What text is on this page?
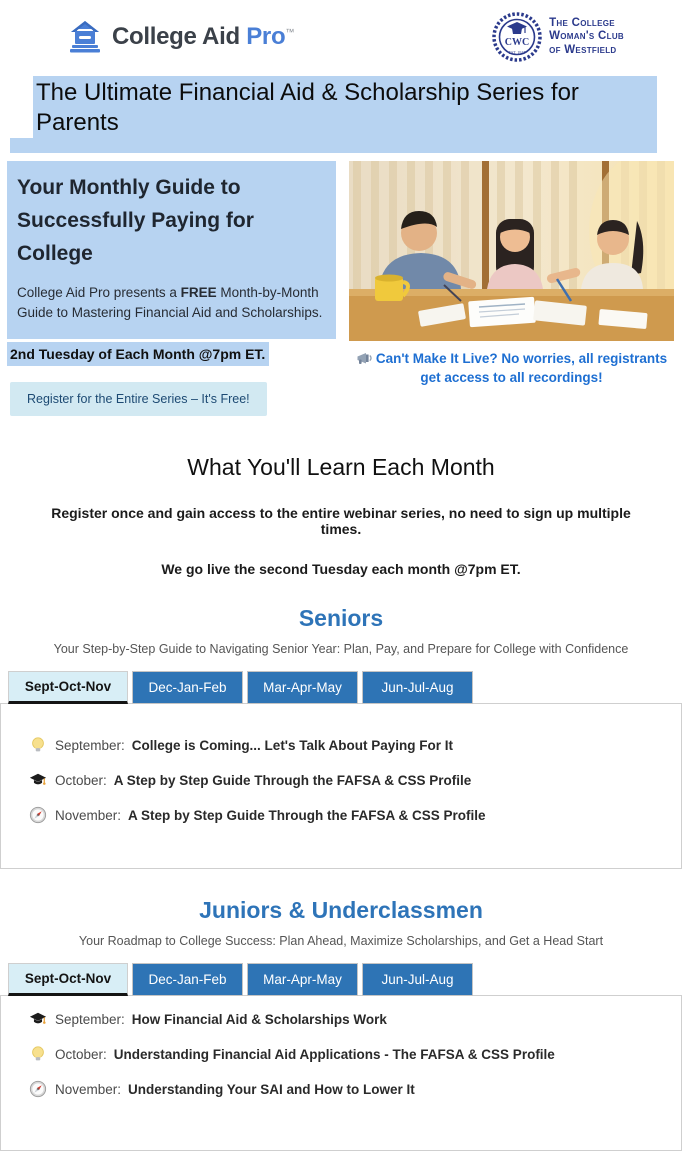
College Aid Pro™
CWC
EST. 1917
The College
Woman's Club
of Westfield
The Ultimate Financial Aid & Scholarship Series for Parents
Your Monthly Guide to
Successfully Paying for College

College Aid Pro presents a FREE Month-by-Month Guide to Mastering Financial Aid and Scholarships.

2nd Tuesday of Each Month @7pm ET.
Register for the Entire Series – It's Free!
Can't Make It Live? No worries, all registrants get access to all recordings!
What You'll Learn Each Month

Register once and gain access to the entire webinar series, no need to sign up multiple times.

We go live the second Tuesday each month @7pm ET.

Seniors

Your Step-by-Step Guide to Navigating Senior Year: Plan, Pay, and Prepare for College with Confidence

Sept-Oct-Nov	Dec-Jan-Feb	Mar-Apr-May	Jun-Jul-Aug
September: College is Coming... Let's Talk About Paying For It
October: A Step by Step Guide Through the FAFSA & CSS Profile
November: A Step by Step Guide Through the FAFSA & CSS Profile
Juniors & Underclassmen

Your Roadmap to College Success: Plan Ahead, Maximize Scholarships, and Get a Head Start

Sept-Oct-Nov	Dec-Jan-Feb	Mar-Apr-May	Jun-Jul-Aug
September: How Financial Aid & Scholarships Work
October: Understanding Financial Aid Applications - The FAFSA & CSS Profile
November: Understanding Your SAI and How to Lower It
